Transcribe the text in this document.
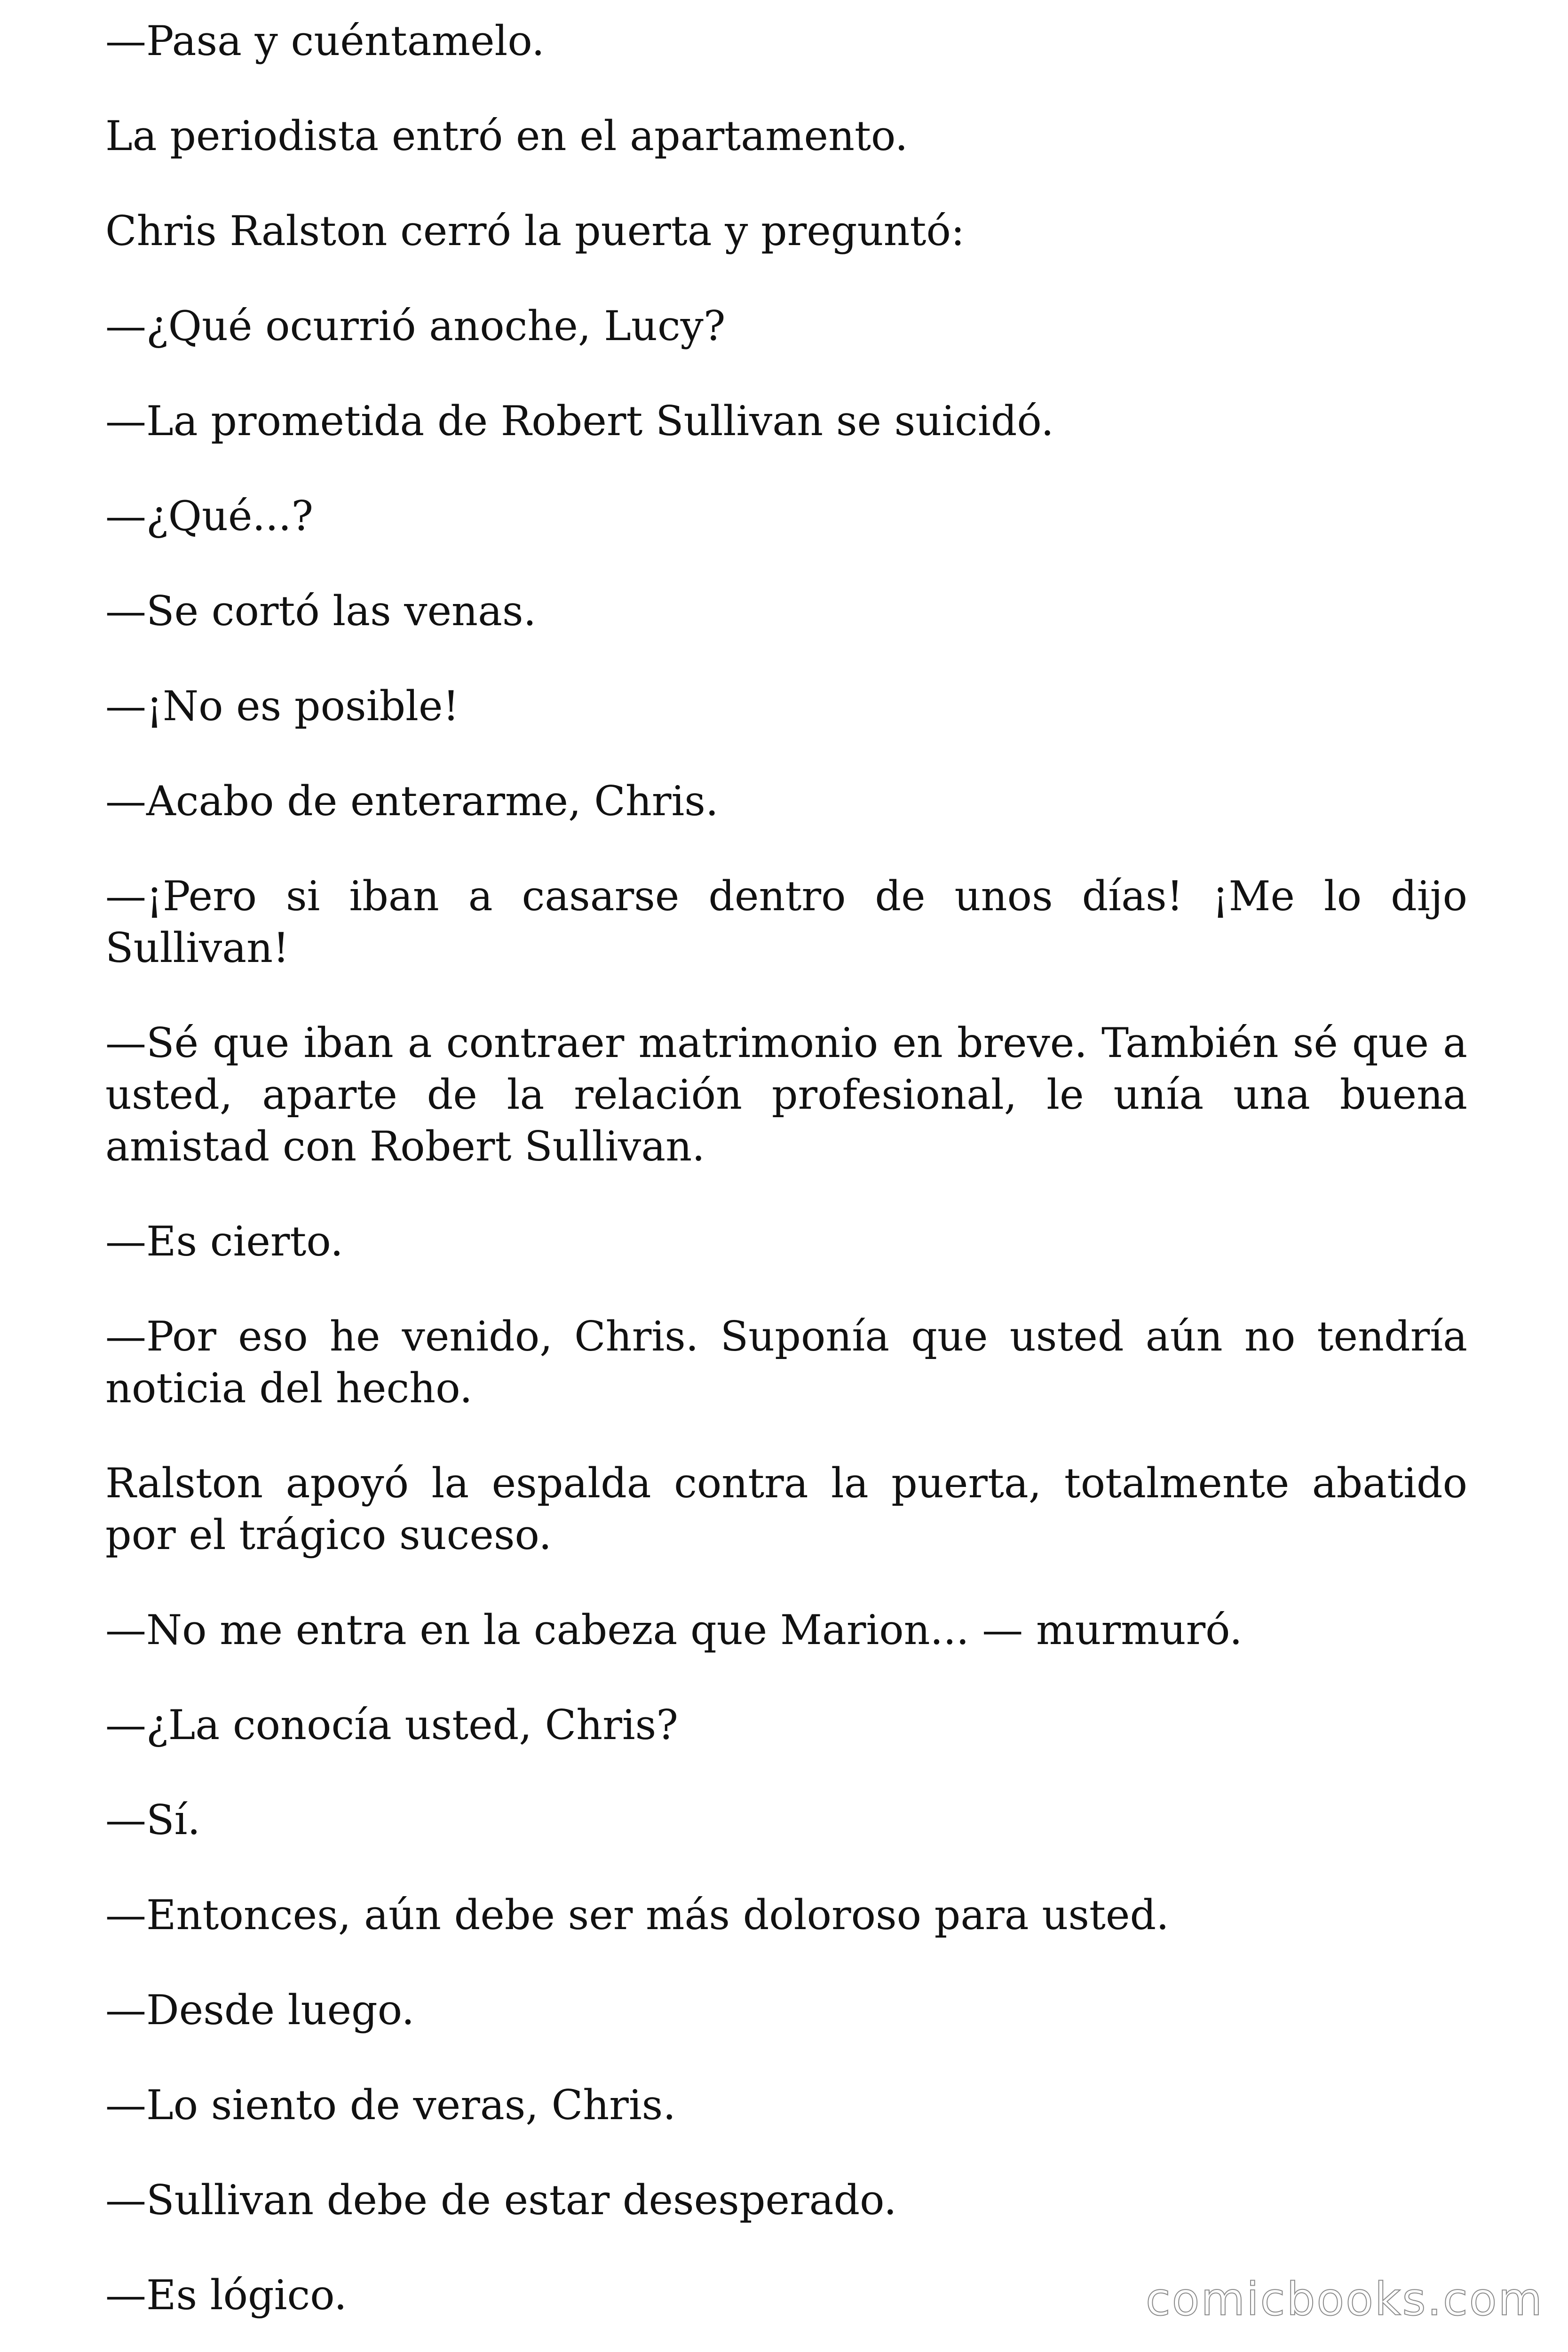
—Pasa y cuéntamelo.

La periodista entró en el apartamento.

Chris Ralston cerró la puerta y preguntó:

—¿Qué ocurrió anoche, Lucy?

—La prometida de Robert Sullivan se suicidó.

—¿Qué...?

—Se cortó las venas.

—¡No es posible!

—Acabo de enterarme, Chris.

—¡Pero si iban a casarse dentro de unos días! ¡Me lo dijo Sullivan!

—Sé que iban a contraer matrimonio en breve. También sé que a usted, aparte de la relación profesional, le unía una buena amistad con Robert Sullivan.

—Es cierto.

—Por eso he venido, Chris. Suponía que usted aún no tendría noticia del hecho.

Ralston apoyó la espalda contra la puerta, totalmente abatido por el trágico suceso.

—No me entra en la cabeza que Marion... — murmuró.

—¿La conocía usted, Chris?

—Sí.

—Entonces, aún debe ser más doloroso para usted.

—Desde luego.

—Lo siento de veras, Chris.

—Sullivan debe de estar desesperado.

—Es lógico.	comicbooks.com
